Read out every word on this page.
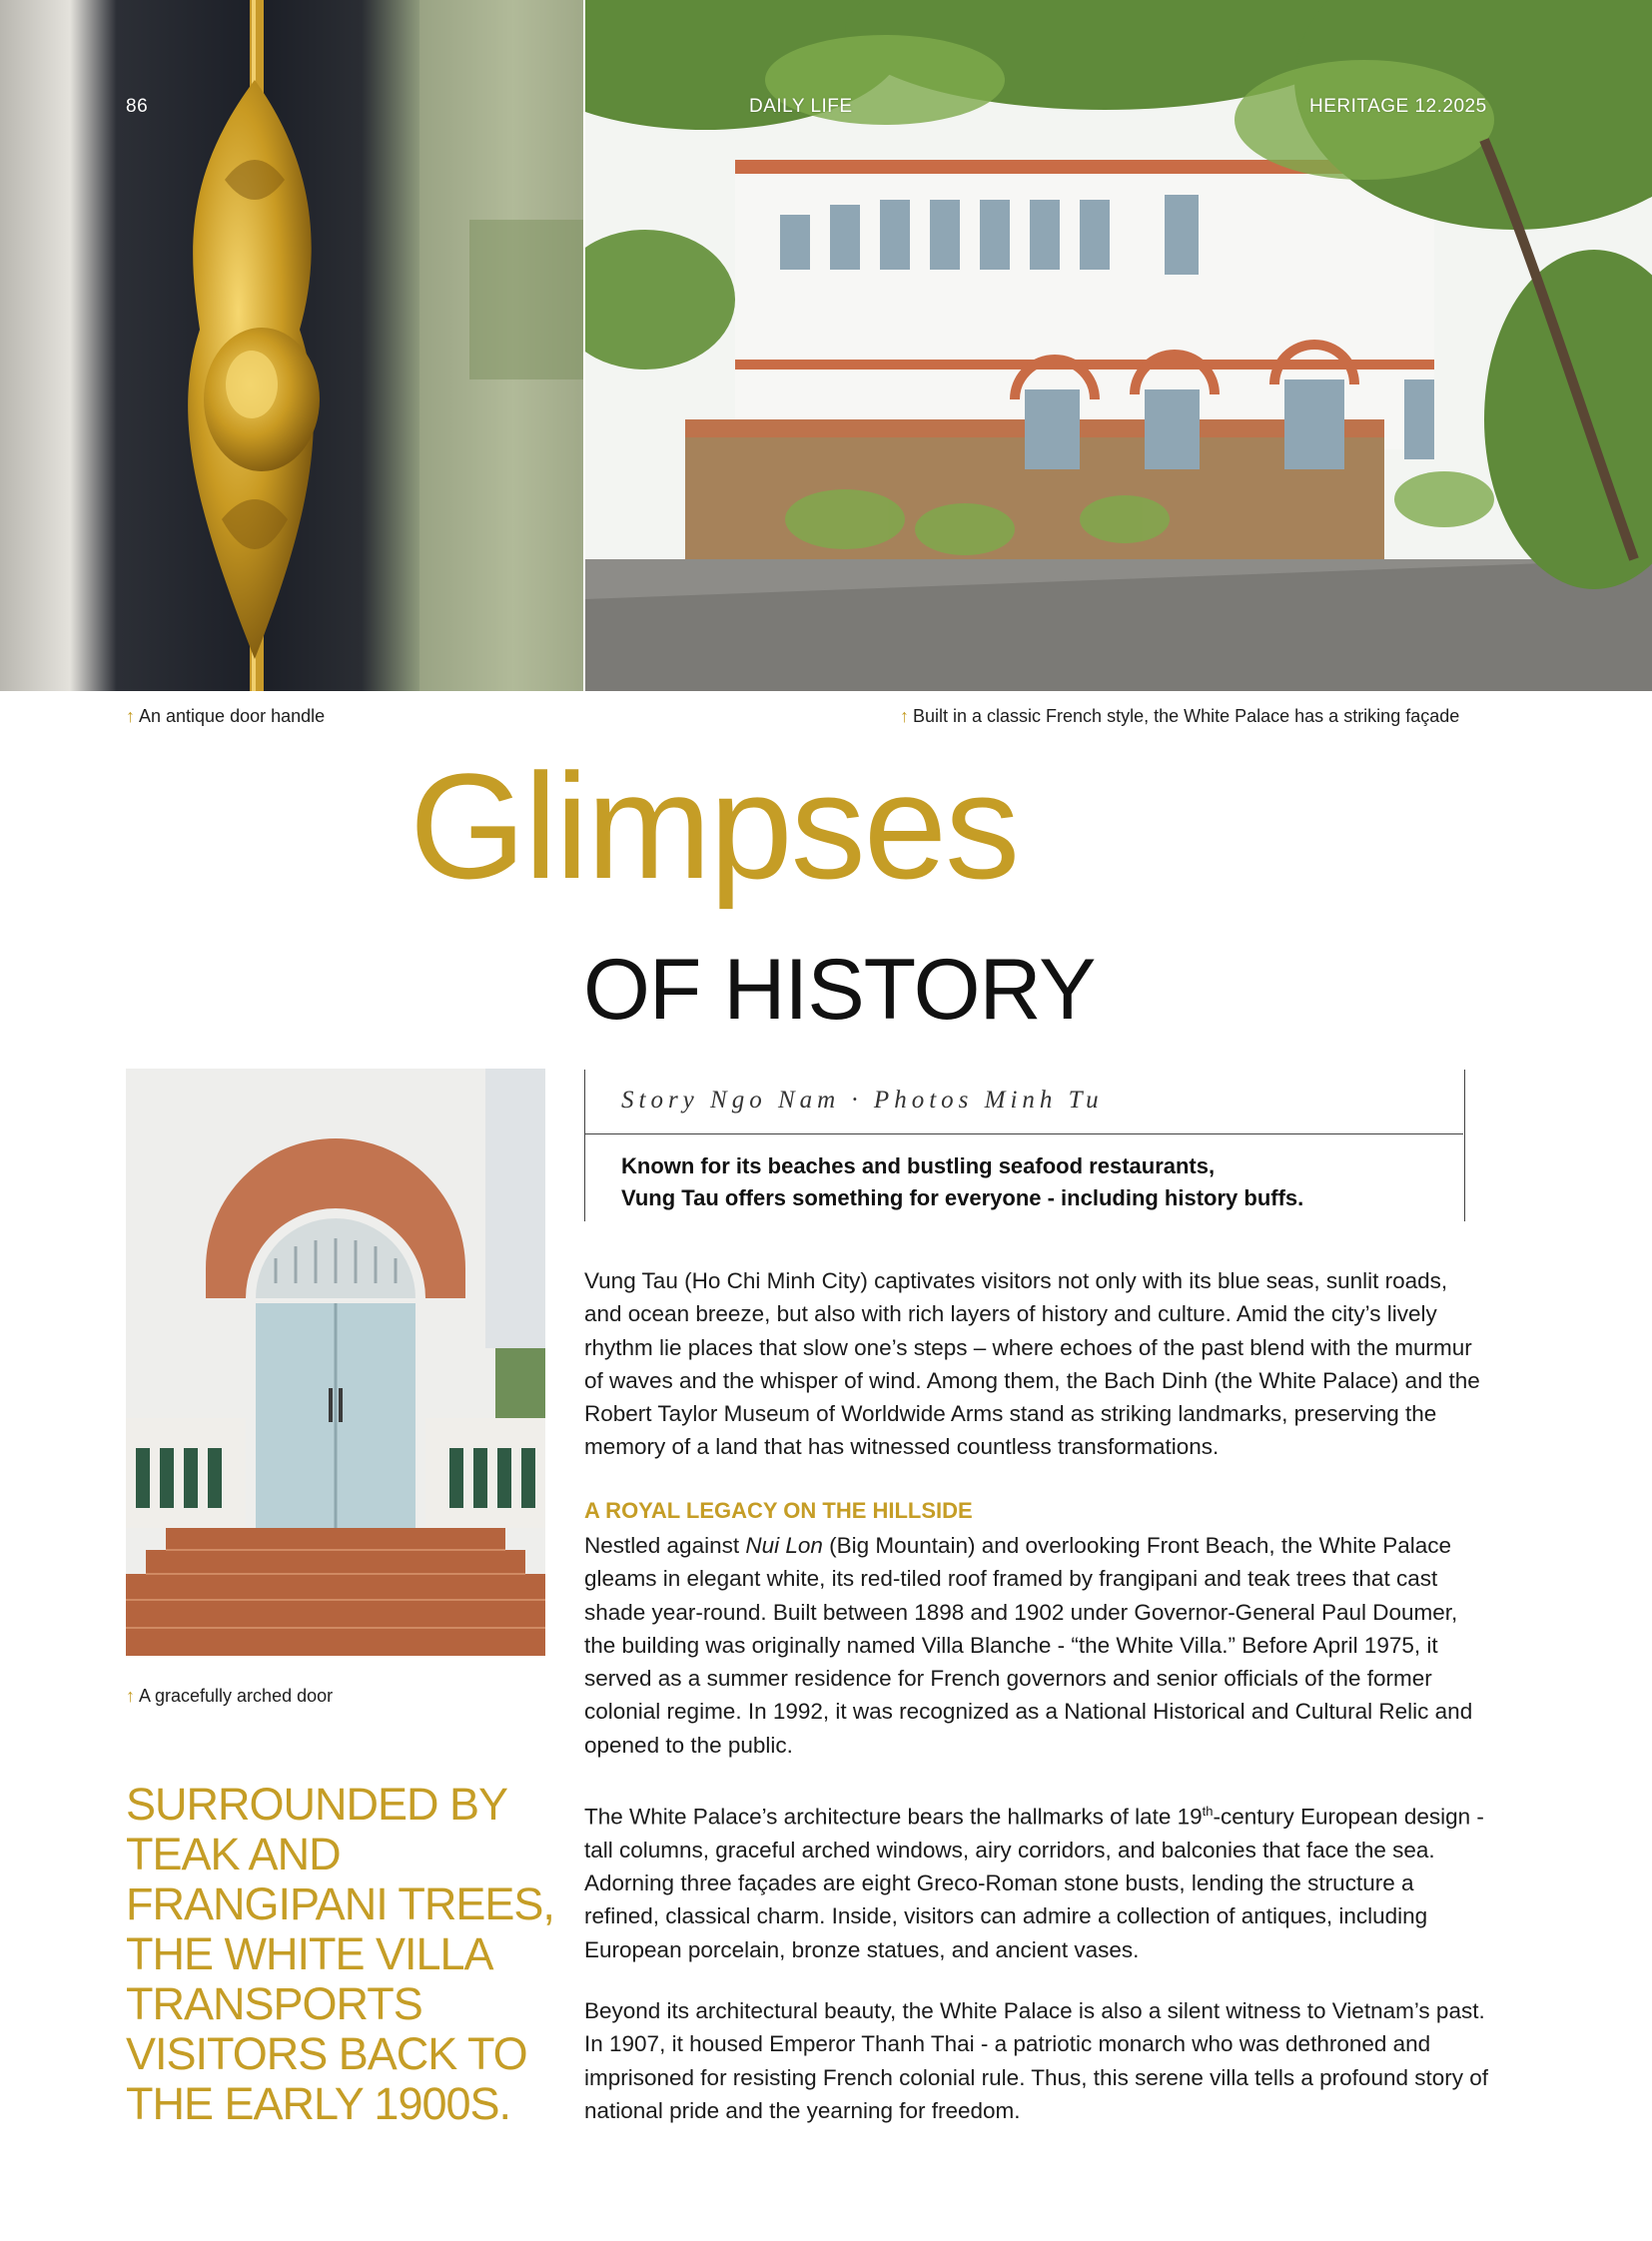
86	DAILY LIFE	HERITAGE 12.2025
↑ An antique door handle	↑ Built in a classic French style, the White Palace has a striking façade
Glimpses
OF HISTORY
↑ A gracefully arched door
Story Ngo Nam · Photos Minh Tu
Known for its beaches and bustling seafood restaurants,
Vung Tau offers something for everyone - including history buffs.

Vung Tau (Ho Chi Minh City) captivates visitors not only with its blue seas, sunlit roads, and ocean breeze, but also with rich layers of history and culture. Amid the city’s lively rhythm lie places that slow one’s steps – where echoes of the past blend with the murmur of waves and the whisper of wind. Among them, the Bach Dinh (the White Palace) and the Robert Taylor Museum of Worldwide Arms stand as striking landmarks, preserving the memory of a land that has witnessed countless transformations.

A ROYAL LEGACY ON THE HILLSIDE

Nestled against Nui Lon (Big Mountain) and overlooking Front Beach, the White Palace gleams in elegant white, its red-tiled roof framed by frangipani and teak trees that cast shade year-round. Built between 1898 and 1902 under Governor-General Paul Doumer, the building was originally named Villa Blanche - “the White Villa.” Before April 1975, it served as a summer residence for French governors and senior officials of the former colonial regime. In 1992, it was recognized as a National Historical and Cultural Relic and opened to the public.

The White Palace’s architecture bears the hallmarks of late 19th-century European design - tall columns, graceful arched windows, airy corridors, and balconies that face the sea. Adorning three façades are eight Greco-Roman stone busts, lending the structure a refined, classical charm. Inside, visitors can admire a collection of antiques, including European porcelain, bronze statues, and ancient vases.

Beyond its architectural beauty, the White Palace is also a silent witness to Vietnam’s past. In 1907, it housed Emperor Thanh Thai - a patriotic monarch who was dethroned and imprisoned for resisting French colonial rule. Thus, this serene villa tells a profound story of national pride and the yearning for freedom.

SURROUNDED BY TEAK AND FRANGIPANI TREES, THE WHITE VILLA TRANSPORTS VISITORS BACK TO THE EARLY 1900S.
